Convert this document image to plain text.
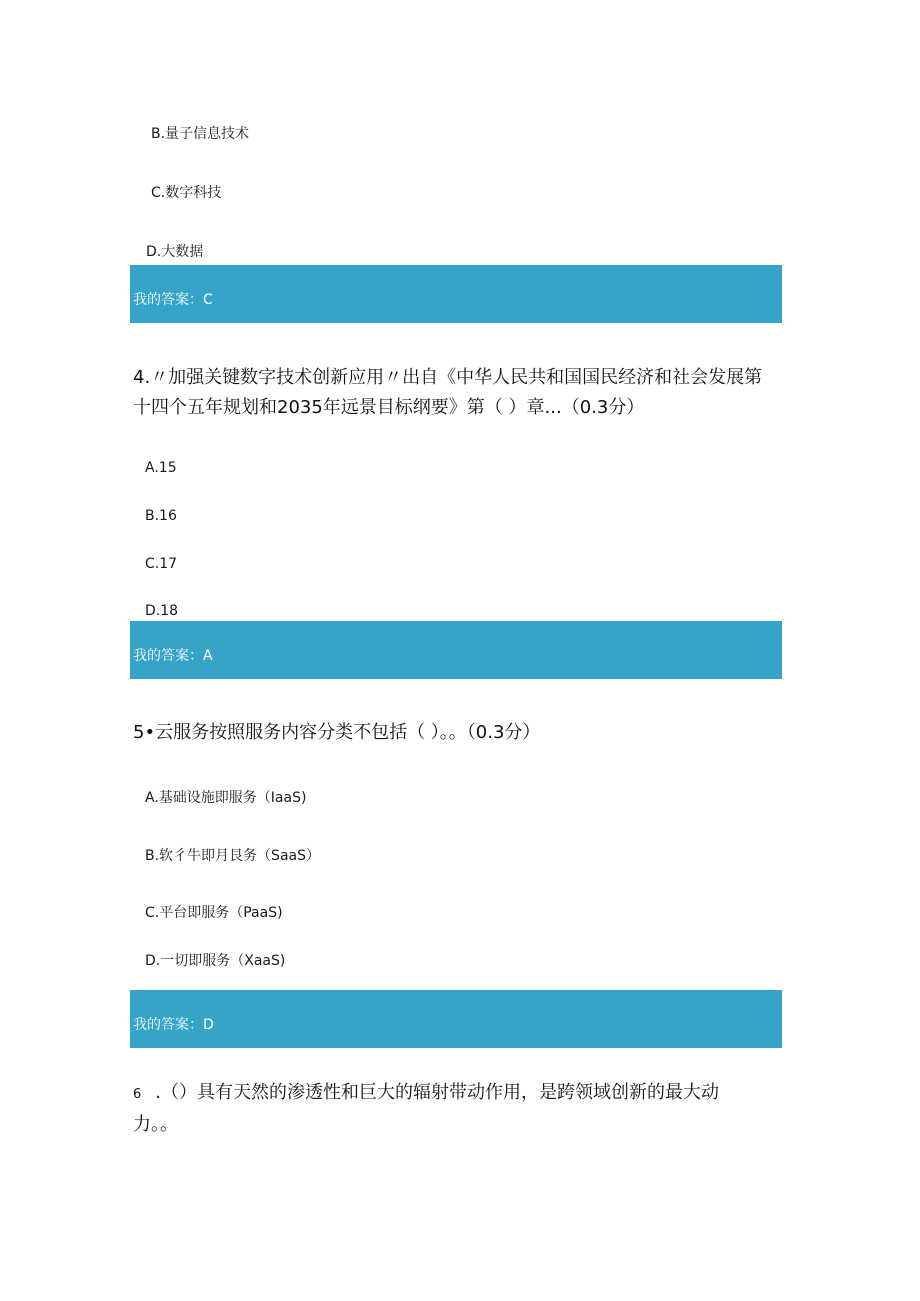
B.量子信息技术
C.数字科技
D.大数据
我的答案：C
4.〃加强关键数字技术创新应用〃出自《中华人民共和国国民经济和社会发展第
十四个五年规划和2035年远景目标纲要》第（ ）章...（0.3分）
A.15
B.16
C.17
D.18
我的答案：A
5•云服务按照服务内容分类不包括（ ）。。（0.3分）
A.基础设施即服务（IaaS)
B.软彳牛即月艮务（SaaS）
C.平台即服务（PaaS)
D.一切即服务（XaaS)
我的答案：D
6 .（）具有天然的渗透性和巨大的辐射带动作用，是跨领域创新的最大动
力。。
